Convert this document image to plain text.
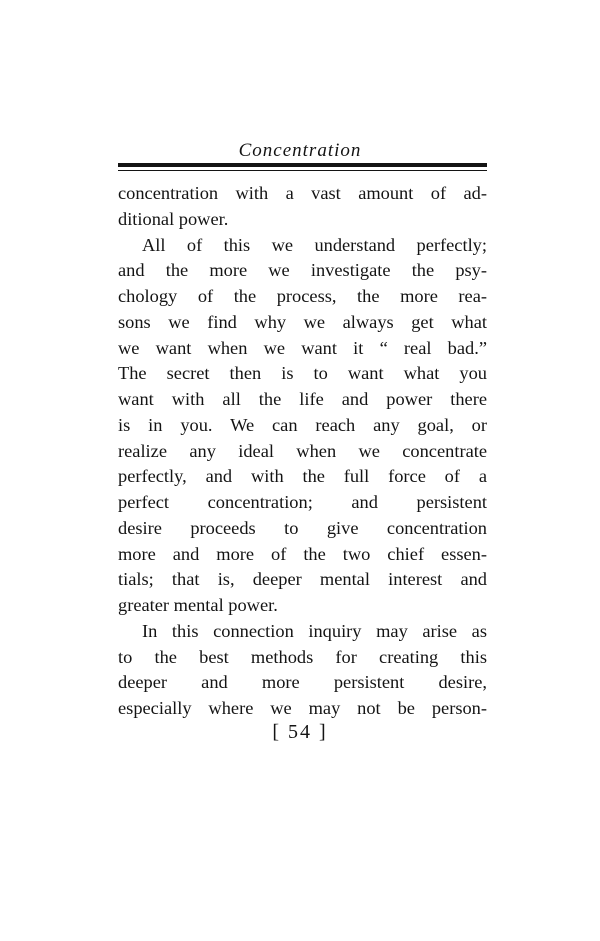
Concentration
concentration with a vast amount of ad-
ditional power.
All of this we understand perfectly;
and the more we investigate the psy-
chology of the process, the more rea-
sons we find why we always get what
we want when we want it “ real bad.”
The secret then is to want what you
want with all the life and power there
is in you. We can reach any goal, or
realize any ideal when we concentrate
perfectly, and with the full force of a
perfect concentration; and persistent
desire proceeds to give concentration
more and more of the two chief essen-
tials; that is, deeper mental interest and
greater mental power.
In this connection inquiry may arise as
to the best methods for creating this
deeper and more persistent desire,
especially where we may not be person-
[ 54 ]
